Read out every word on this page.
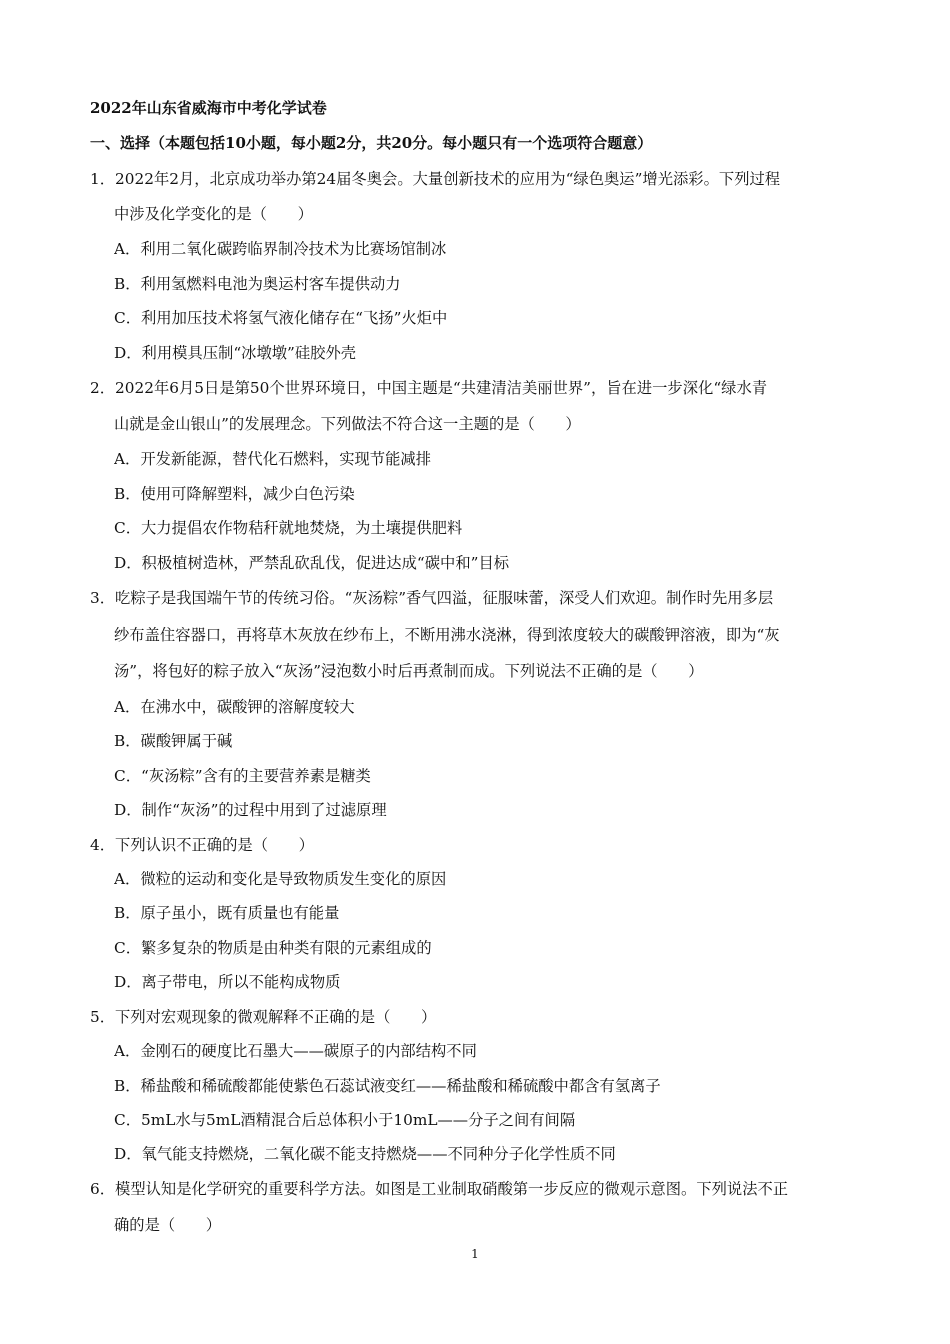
2022年山东省威海市中考化学试卷
一、选择（本题包括10小题，每小题2分，共20分。每小题只有一个选项符合题意）
1．2022年2月，北京成功举办第24届冬奥会。大量创新技术的应用为“绿色奥运”增光添彩。下列过程
中涉及化学变化的是（　　）
A．利用二氧化碳跨临界制冷技术为比赛场馆制冰
B．利用氢燃料电池为奥运村客车提供动力
C．利用加压技术将氢气液化储存在“飞扬”火炬中
D．利用模具压制“冰墩墩”硅胶外壳
2．2022年6月5日是第50个世界环境日，中国主题是“共建清洁美丽世界”，旨在进一步深化“绿水青
山就是金山银山”的发展理念。下列做法不符合这一主题的是（　　）
A．开发新能源，替代化石燃料，实现节能减排
B．使用可降解塑料，减少白色污染
C．大力提倡农作物秸秆就地焚烧，为土壤提供肥料
D．积极植树造林，严禁乱砍乱伐，促进达成“碳中和”目标
3．吃粽子是我国端午节的传统习俗。“灰汤粽”香气四溢，征服味蕾，深受人们欢迎。制作时先用多层
纱布盖住容器口，再将草木灰放在纱布上，不断用沸水浇淋，得到浓度较大的碳酸钾溶液，即为“灰
汤”，将包好的粽子放入“灰汤”浸泡数小时后再煮制而成。下列说法不正确的是（　　）
A．在沸水中，碳酸钾的溶解度较大
B．碳酸钾属于碱
C．“灰汤粽”含有的主要营养素是糖类
D．制作“灰汤”的过程中用到了过滤原理
4．下列认识不正确的是（　　）
A．微粒的运动和变化是导致物质发生变化的原因
B．原子虽小，既有质量也有能量
C．繁多复杂的物质是由种类有限的元素组成的
D．离子带电，所以不能构成物质
5．下列对宏观现象的微观解释不正确的是（　　）
A．金刚石的硬度比石墨大——碳原子的内部结构不同
B．稀盐酸和稀硫酸都能使紫色石蕊试液变红——稀盐酸和稀硫酸中都含有氢离子
C．5mL水与5mL酒精混合后总体积小于10mL——分子之间有间隔
D．氧气能支持燃烧，二氧化碳不能支持燃烧——不同种分子化学性质不同
6．模型认知是化学研究的重要科学方法。如图是工业制取硝酸第一步反应的微观示意图。下列说法不正
确的是（　　）
1
